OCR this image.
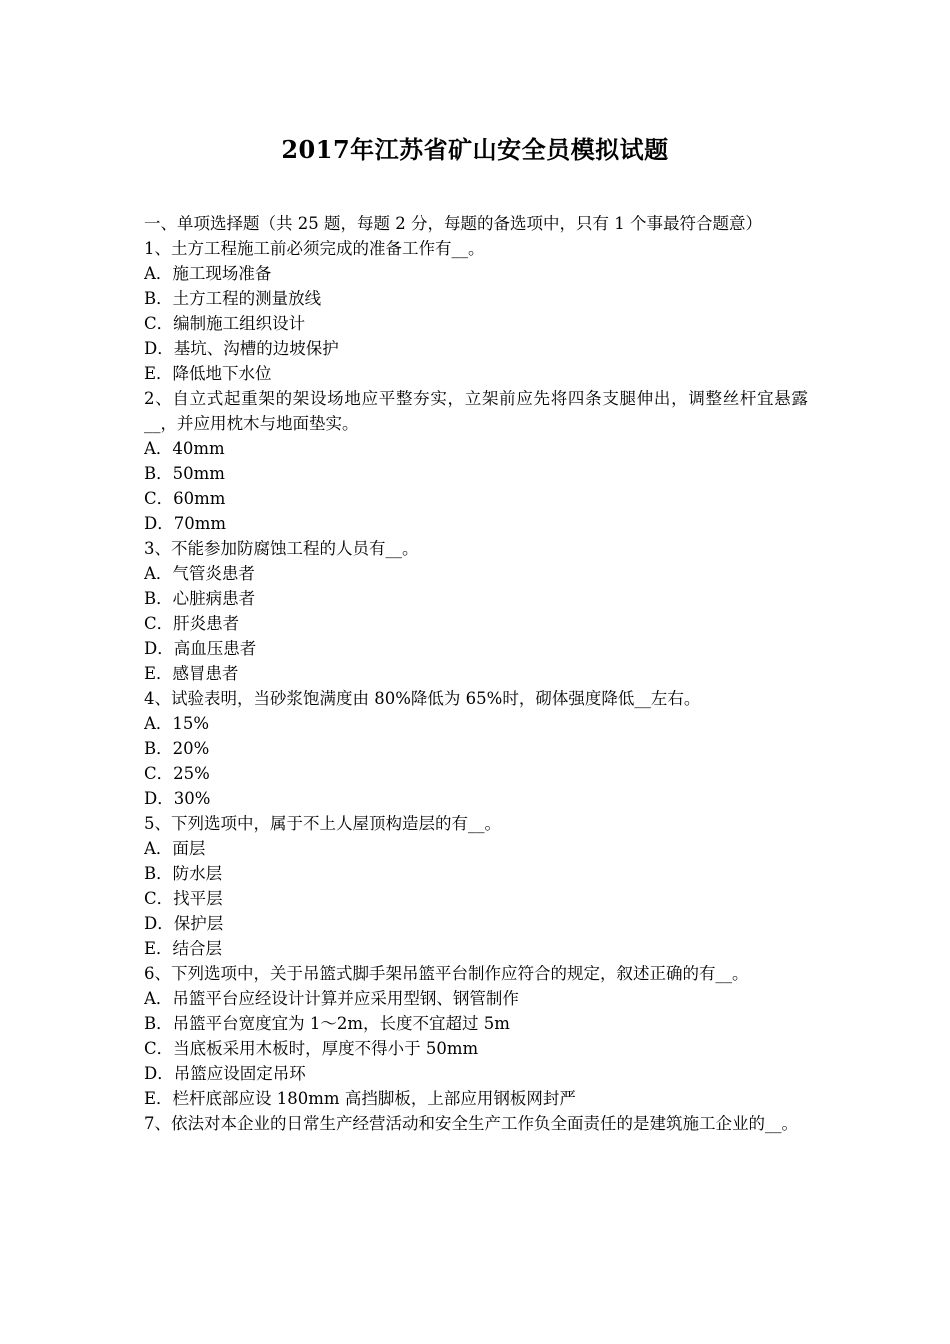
2017年江苏省矿山安全员模拟试题
一、单项选择题（共 25 题，每题 2 分，每题的备选项中，只有 1 个事最符合题意）
1、土方工程施工前必须完成的准备工作有__。
A．施工现场准备
B．土方工程的测量放线
C．编制施工组织设计
D．基坑、沟槽的边坡保护
E．降低地下水位
2、自立式起重架的架设场地应平整夯实，立架前应先将四条支腿伸出，调整丝杆宜悬露__，并应用枕木与地面垫实。
A．40mm
B．50mm
C．60mm
D．70mm
3、不能参加防腐蚀工程的人员有__。
A．气管炎患者
B．心脏病患者
C．肝炎患者
D．高血压患者
E．感冒患者
4、试验表明，当砂浆饱满度由 80%降低为 65%时，砌体强度降低__左右。
A．15%
B．20%
C．25%
D．30%
5、下列选项中，属于不上人屋顶构造层的有__。
A．面层
B．防水层
C．找平层
D．保护层
E．结合层
6、下列选项中，关于吊篮式脚手架吊篮平台制作应符合的规定，叙述正确的有__。
A．吊篮平台应经设计计算并应采用型钢、钢管制作
B．吊篮平台宽度宜为 1～2m，长度不宜超过 5m
C．当底板采用木板时，厚度不得小于 50mm
D．吊篮应设固定吊环
E．栏杆底部应设 180mm 高挡脚板，上部应用钢板网封严
7、依法对本企业的日常生产经营活动和安全生产工作负全面责任的是建筑施工企业的__。
